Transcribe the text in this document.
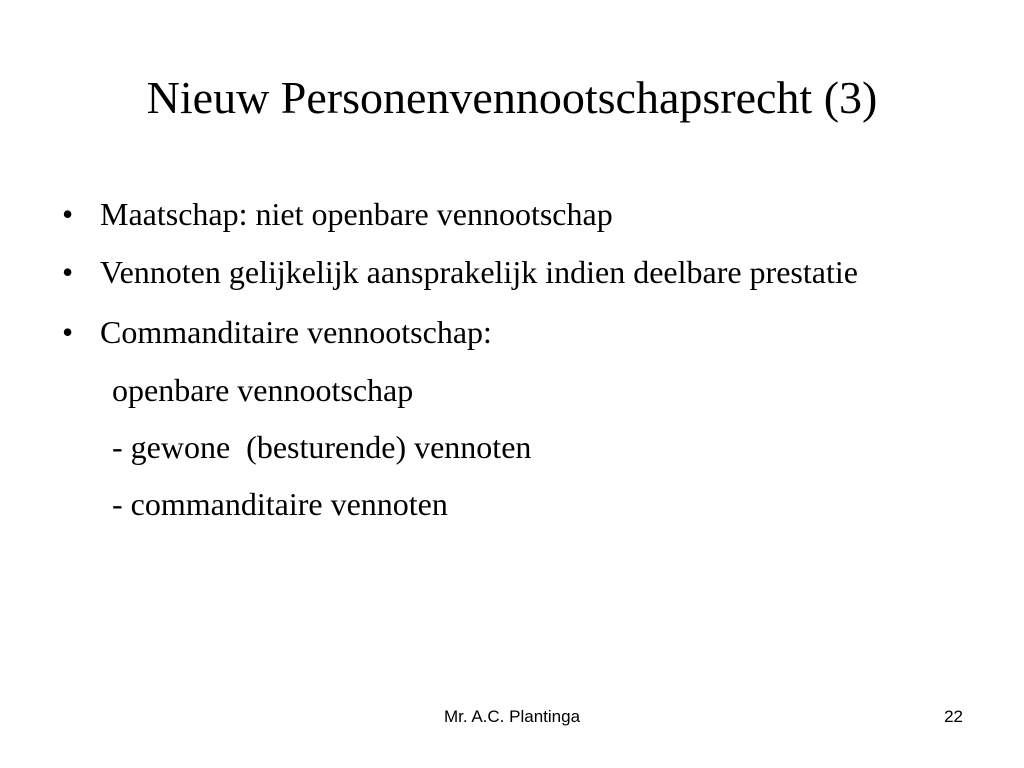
Nieuw Personenvennootschapsrecht (3)
• Maatschap: niet openbare vennootschap
• Vennoten gelijkelijk aansprakelijk indien deelbare prestatie
• Commanditaire vennootschap:
openbare vennootschap
- gewone  (besturende) vennoten
- commanditaire vennoten
Mr. A.C. Plantinga	22
